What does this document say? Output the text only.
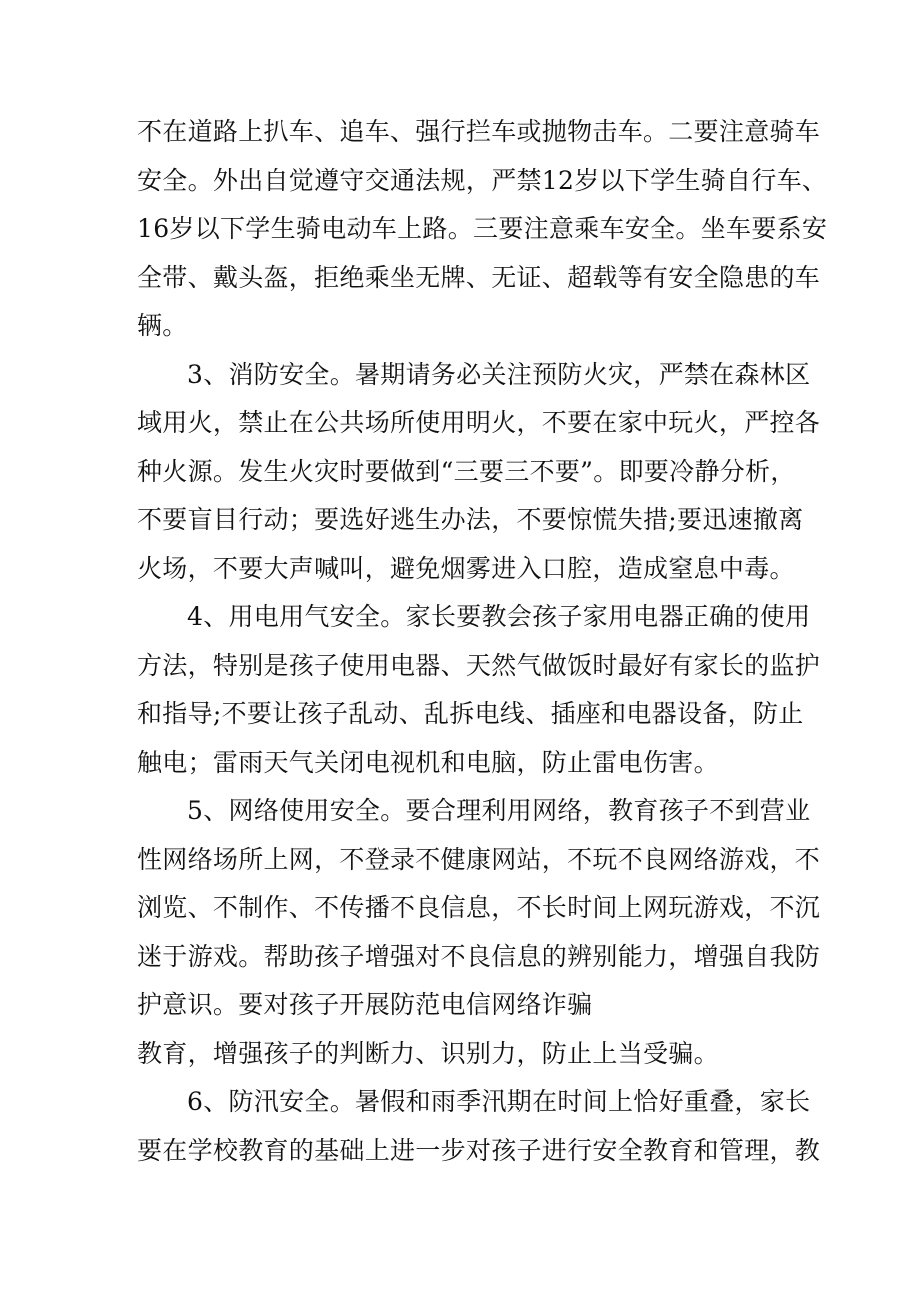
不在道路上扒车、追车、强行拦车或抛物击车。二要注意骑车
安全。外出自觉遵守交通法规，严禁12岁以下学生骑自行车、
16岁以下学生骑电动车上路。三要注意乘车安全。坐车要系安
全带、戴头盔，拒绝乘坐无牌、无证、超载等有安全隐患的车
辆。
3、消防安全。暑期请务必关注预防火灾，严禁在森林区
域用火，禁止在公共场所使用明火，不要在家中玩火，严控各
种火源。发生火灾时要做到“三要三不要”。即要冷静分析，
不要盲目行动；要选好逃生办法，不要惊慌失措;要迅速撤离
火场，不要大声喊叫，避免烟雾进入口腔，造成窒息中毒。
4、用电用气安全。家长要教会孩子家用电器正确的使用
方法，特别是孩子使用电器、天然气做饭时最好有家长的监护
和指导;不要让孩子乱动、乱拆电线、插座和电器设备，防止
触电；雷雨天气关闭电视机和电脑，防止雷电伤害。
5、网络使用安全。要合理利用网络，教育孩子不到营业
性网络场所上网，不登录不健康网站，不玩不良网络游戏，不
浏览、不制作、不传播不良信息，不长时间上网玩游戏，不沉
迷于游戏。帮助孩子增强对不良信息的辨别能力，增强自我防
护意识。要对孩子开展防范电信网络诈骗
教育，增强孩子的判断力、识别力，防止上当受骗。
6、防汛安全。暑假和雨季汛期在时间上恰好重叠，家长
要在学校教育的基础上进一步对孩子进行安全教育和管理，教
